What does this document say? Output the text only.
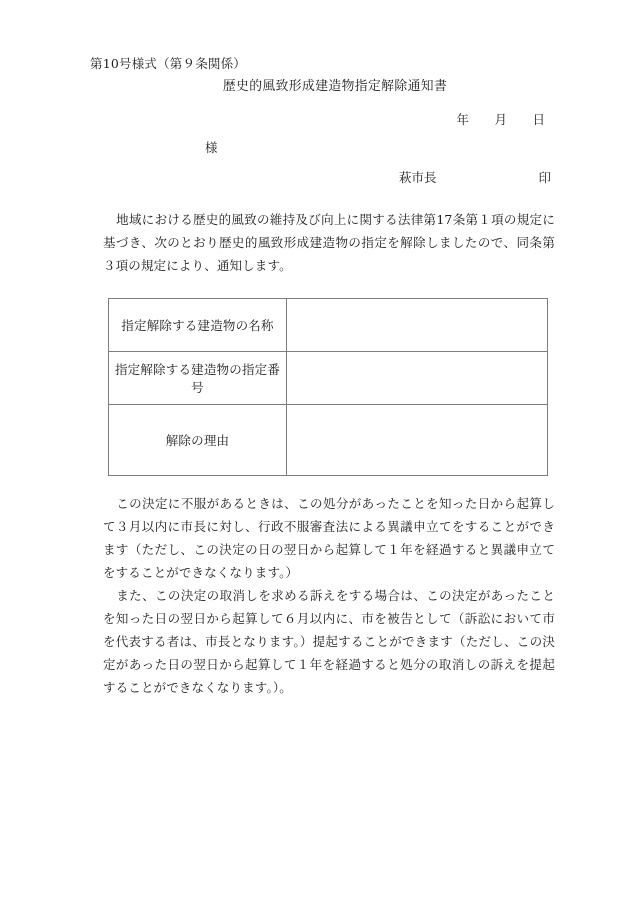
第10号様式（第９条関係）
歴史的風致形成建造物指定解除通知書
年 月 日
様
萩市長	印
地域における歴史的風致の維持及び向上に関する法律第17条第１項の規定に基づき、次のとおり歴史的風致形成建造物の指定を解除しましたので、同条第３項の規定により、通知します。
指定解除する建造物の名称	
指定解除する建造物の指定番号	
解除の理由	
この決定に不服があるときは、この処分があったことを知った日から起算して３月以内に市長に対し、行政不服審査法による異議申立てをすることができます（ただし、この決定の日の翌日から起算して１年を経過すると異議申立てをすることができなくなります。）
また、この決定の取消しを求める訴えをする場合は、この決定があったことを知った日の翌日から起算して６月以内に、市を被告として（訴訟において市を代表する者は、市長となります。）提起することができます（ただし、この決定があった日の翌日から起算して１年を経過すると処分の取消しの訴えを提起することができなくなります。）。
